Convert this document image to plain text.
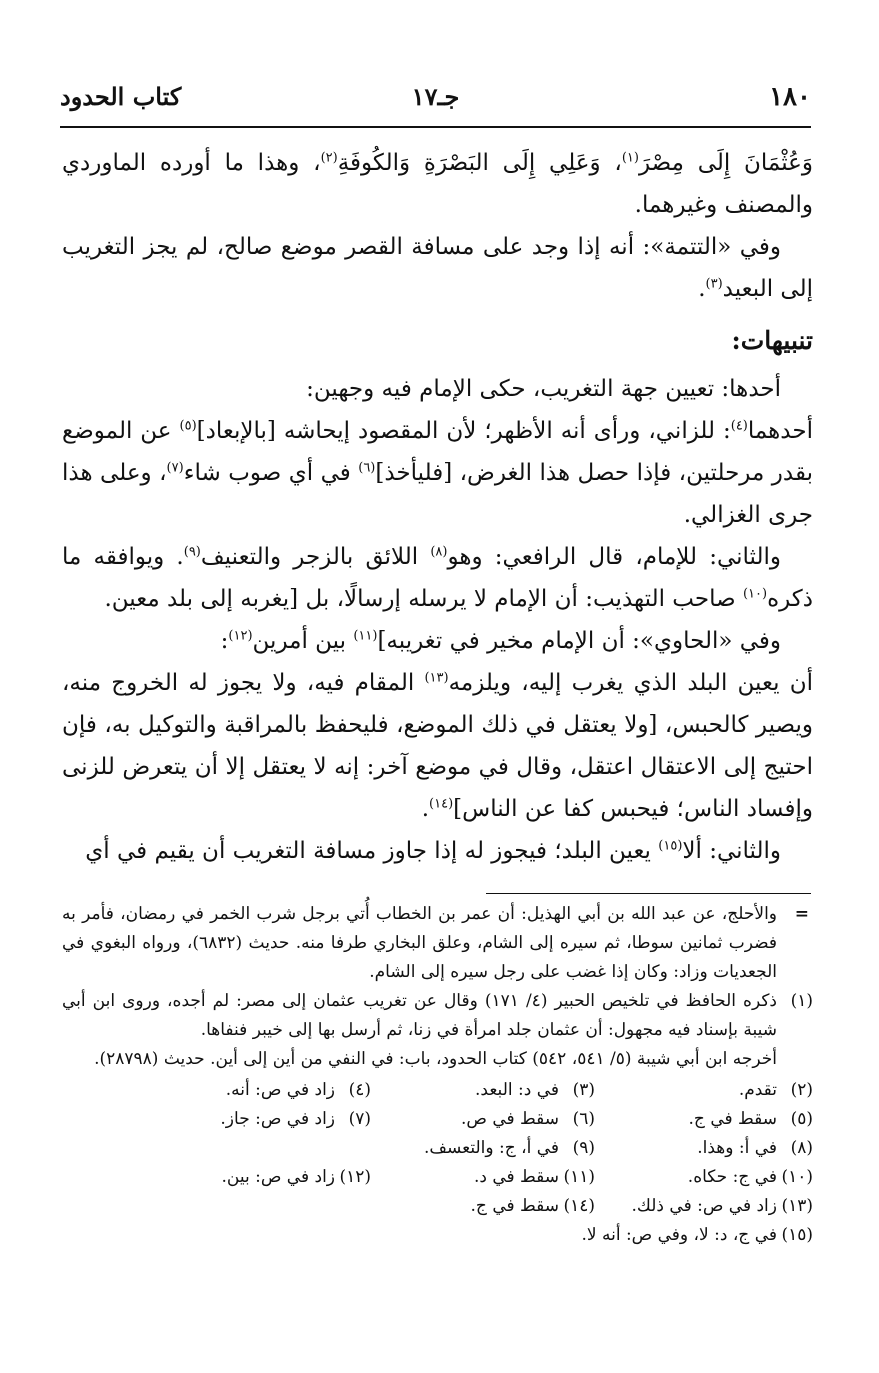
١٨٠
جـ١٧
كتاب الحدود

وَعُثْمَانَ إِلَى مِصْرَ$^{(١)}$، وَعَلِي إِلَى البَصْرَةِ وَالكُوفَةِ$^{(٢)}$، وهذا ما أورده الماوردي والمصنف وغيرهما.

وفي «التتمة»: أنه إذا وجد على مسافة القصر موضع صالح، لم يجز التغريب إلى البعيد$^{(٣)}$.

تنبيهات:

أحدها: تعيين جهة التغريب، حكى الإمام فيه وجهين:

أحدهما$^{(٤)}$: للزاني، ورأى أنه الأظهر؛ لأن المقصود إيحاشه [بالإبعاد]$^{(٥)}$ عن الموضع بقدر مرحلتين، فإذا حصل هذا الغرض، [فليأخذ]$^{(٦)}$ في أي صوب شاء$^{(٧)}$، وعلى هذا جرى الغزالي.

والثاني: للإمام، قال الرافعي: وهو$^{(٨)}$ اللائق بالزجر والتعنيف$^{(٩)}$. ويوافقه ما ذكره$^{(١٠)}$ صاحب التهذيب: أن الإمام لا يرسله إرسالًا، بل [يغربه إلى بلد معين.

وفي «الحاوي»: أن الإمام مخير في تغريبه]$^{(١١)}$ بين أمرين$^{(١٢)}$:

أن يعين البلد الذي يغرب إليه، ويلزمه$^{(١٣)}$ المقام فيه، ولا يجوز له الخروج منه، ويصير كالحبس، [ولا يعتقل في ذلك الموضع، فليحفظ بالمراقبة والتوكيل به، فإن احتيج إلى الاعتقال اعتقل، وقال في موضع آخر: إنه لا يعتقل إلا أن يتعرض للزنى وإفساد الناس؛ فيحبس كفا عن الناس]$^{(١٤)}$.

والثاني: ألا$^{(١٥)}$ يعين البلد؛ فيجوز له إذا جاوز مسافة التغريب أن يقيم في أي

=
والأحلج، عن عبد الله بن أبي الهذيل: أن عمر بن الخطاب أُتي برجل شرب الخمر في رمضان، فأمر به فضرب ثمانين سوطا، ثم سيره إلى الشام، وعلق البخاري طرفا منه. حديث (٦٨٣٢)، ورواه البغوي في الجعديات وزاد: وكان إذا غضب على رجل سيره إلى الشام.

(١)
ذكره الحافظ في تلخيص الحبير (٤/ ١٧١) وقال عن تغريب عثمان إلى مصر: لم أجده، وروى ابن أبي شيبة بإسناد فيه مجهول: أن عثمان جلد امرأة في زنا، ثم أرسل بها إلى خيبر فنفاها.

أخرجه ابن أبي شيبة (٥/ ٥٤١، ٥٤٢) كتاب الحدود، باب: في النفي من أين إلى أين. حديث (٢٨٧٩٨).

(٢)
تقدم.
(٣)
في د: البعد.
(٤)
زاد في ص: أنه.
(٥)
سقط في ج.
(٦)
سقط في ص.
(٧)
زاد في ص: جاز.
(٨)
في أ: وهذا.
(٩)
في أ، ج: والتعسف.
(١٠)
في ج: حكاه.
(١١)
سقط في د.
(١٢)
زاد في ص: بين.
(١٣)
زاد في ص: في ذلك.
(١٤)
سقط في ج.
(١٥)
في ج، د: لا، وفي ص: أنه لا.
